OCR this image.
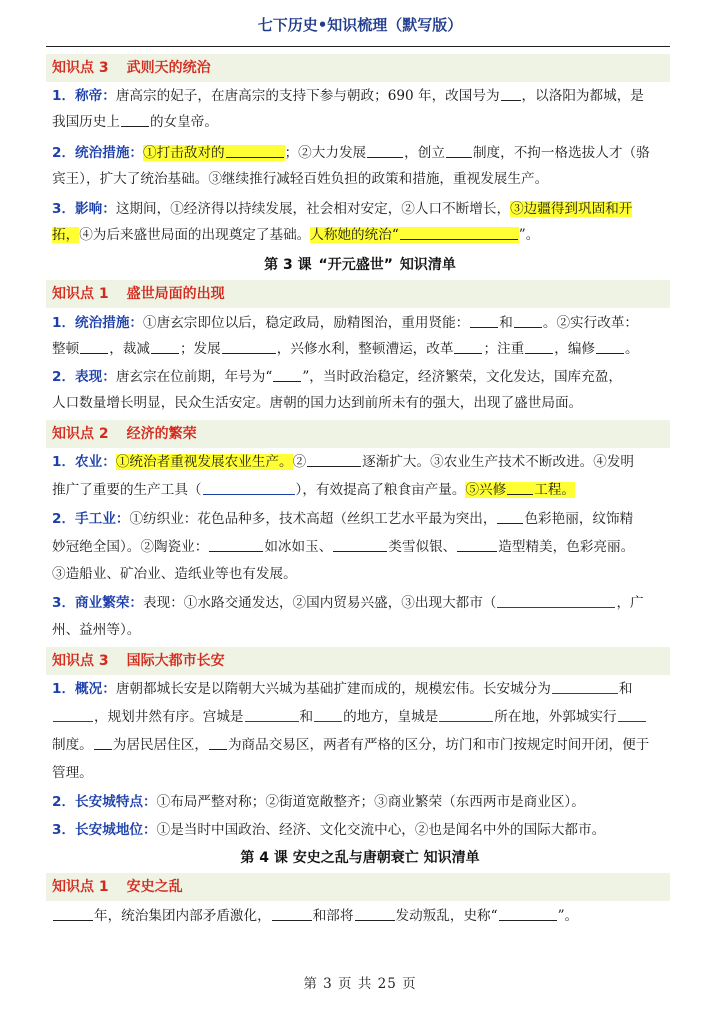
七下历史•知识梳理（默写版）
知识点 3 武则天的统治
1．称帝：唐高宗的妃子，在唐高宗的支持下参与朝政；690 年，改国号为 ，以洛阳为都城，是
我国历史上 的女皇帝。
2．统治措施：①打击敌对的	；②大力发展	，创立 制度，不拘一格选拔人才（骆
宾王），扩大了统治基础。③继续推行减轻百姓负担的政策和措施，重视发展生产。
3．影响：这期间，①经济得以持续发展，社会相对安定，②人口不断增长，③边疆得到巩固和开
拓，④为后来盛世局面的出现奠定了基础。人称她的统治“	”。
第 3 课 “开元盛世” 知识清单
知识点 1 盛世局面的出现
1．统治措施：①唐玄宗即位以后，稳定政局，励精图治，重用贤能： 和 。②实行改革：
整顿 ，裁减 ；发展	，兴修水利，整顿漕运，改革 ；注重 ，编修 。
2．表现：唐玄宗在位前期，年号为“ ”，当时政治稳定，经济繁荣，文化发达，国库充盈，
人口数量增长明显，民众生活安定。唐朝的国力达到前所未有的强大，出现了盛世局面。
知识点 2 经济的繁荣
1．农业：①统治者重视发展农业生产。②	逐渐扩大。③农业生产技术不断改进。④发明
推广了重要的生产工具（	），有效提高了粮食亩产量。⑤兴修 工程。
2．手工业：①纺织业：花色品种多，技术高超（丝织工艺水平最为突出， 色彩艳丽，纹饰精
妙冠绝全国）。②陶瓷业：	如冰如玉、	类雪似银、	造型精美，色彩亮丽。
③造船业、矿冶业、造纸业等也有发展。
3．商业繁荣：表现：①水路交通发达，②国内贸易兴盛，③出现大都市（	，广
州、益州等）。
知识点 3 国际大都市长安
1．概况：唐朝都城长安是以隋朝大兴城为基础扩建而成的，规模宏伟。长安城分为	和
，规划井然有序。宫城是	和 的地方，皇城是	所在地，外郭城实行
制度。 为居民居住区， 为商品交易区，两者有严格的区分，坊门和市门按规定时间开闭，便于
管理。
2．长安城特点：①布局严整对称；②街道宽敞整齐；③商业繁荣（东西两市是商业区）。
3．长安城地位：①是当时中国政治、经济、文化交流中心，②也是闻名中外的国际大都市。
第 4 课 安史之乱与唐朝衰亡 知识清单
知识点 1 安史之乱
年，统治集团内部矛盾激化，	和部将	发动叛乱，史称“	”。
第 3 页 共 25 页
